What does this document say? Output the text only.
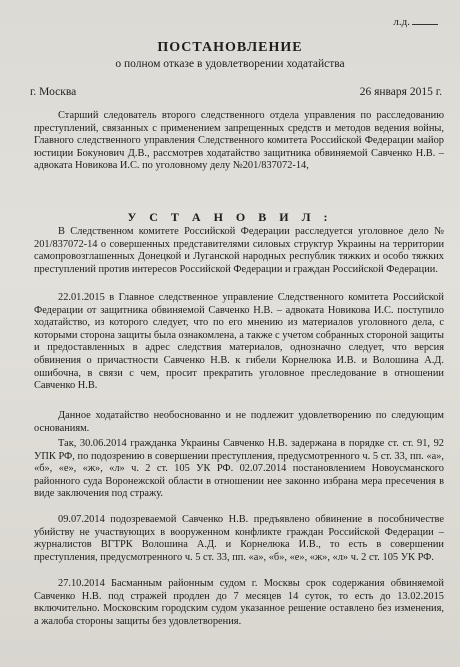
л.д.
ПОСТАНОВЛЕНИЕ
о полном отказе в удовлетворении ходатайства
г. Москва	26 января 2015 г.

Старший следователь второго следственного отдела управления по расследованию преступлений, связанных с применением запрещенных средств и методов ведения войны, Главного следственного управления Следственного комитета Российской Федерации майор юстиции Бокунович Д.В., рассмотрев ходатайство защитника обвиняемой Савченко Н.В. – адвоката Новикова И.С. по уголовному делу №201/837072-14,

У С Т А Н О В И Л :

В Следственном комитете Российской Федерации расследуется уголовное дело № 201/837072-14 о совершенных представителями силовых структур Украины на территории самопровозглашенных Донецкой и Луганской народных республик тяжких и особо тяжких преступлений против интересов Российской Федерации и граждан Российской Федерации.

22.01.2015 в Главное следственное управление Следственного комитета Российской Федерации от защитника обвиняемой Савченко Н.В. – адвоката Новикова И.С. поступило ходатайство, из которого следует, что по его мнению из материалов уголовного дела, с которыми сторона защиты была ознакомлена, а также с учетом собранных стороной защиты и предоставленных в адрес следствия материалов, однозначно следует, что версия обвинения о причастности Савченко Н.В. к гибели Корнелюка И.В. и Волошина А.Д. ошибочна, в связи с чем, просит прекратить уголовное преследование в отношении Савченко Н.В.

Данное ходатайство необоснованно и не подлежит удовлетворению по следующим основаниям.

Так, 30.06.2014 гражданка Украины Савченко Н.В. задержана в порядке ст. ст. 91, 92 УПК РФ, по подозрению в совершении преступления, предусмотренного ч. 5 ст. 33, пп. «а», «б», «е», «ж», «л» ч. 2 ст. 105 УК РФ. 02.07.2014 постановлением Новоусманского районного суда Воронежской области в отношении нее законно избрана мера пресечения в виде заключения под стражу.

09.07.2014 подозреваемой Савченко Н.В. предъявлено обвинение в пособничестве убийству не участвующих в вооруженном конфликте граждан Российской Федерации – журналистов ВГТРК Волошина А.Д. и Корнелюка И.В., то есть в совершении преступления, предусмотренного ч. 5 ст. 33, пп. «а», «б», «е», «ж», «л» ч. 2 ст. 105 УК РФ.

27.10.2014 Басманным районным судом г. Москвы срок содержания обвиняемой Савченко Н.В. под стражей продлен до 7 месяцев 14 суток, то есть до 13.02.2015 включительно. Московским городским судом указанное решение оставлено без изменения, а жалоба стороны защиты без удовлетворения.
